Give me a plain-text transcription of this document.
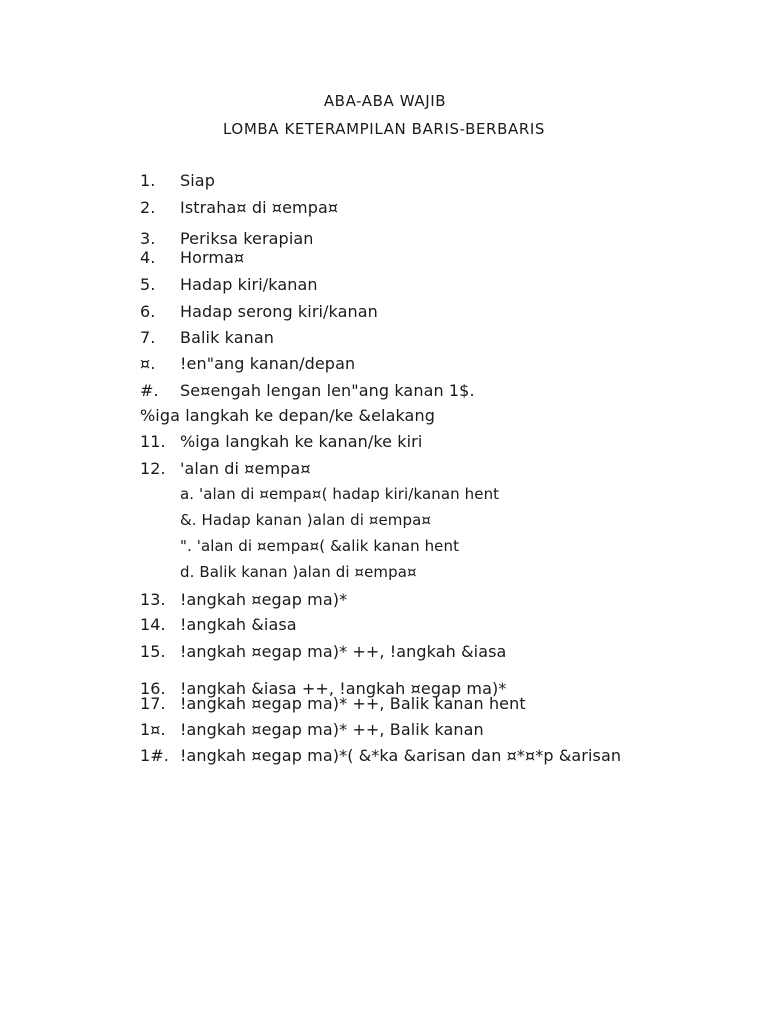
ABA-ABA WAJIB
LOMBA KETERAMPILAN BARIS-BERBARIS
1. Siap
2. Istraha¤ di ¤empa¤
3. Periksa kerapian
4. Horma¤
5. Hadap kiri/kanan
6. Hadap serong kiri/kanan
7. Balik kanan
¤. !en"ang kanan/depan
#. Se¤engah lengan len"ang kanan 1$.
%iga langkah ke depan/ke &elakang
11. %iga langkah ke kanan/ke kiri
12. 'alan di ¤empa¤
a. 'alan di ¤empa¤( hadap kiri/kanan hent
&. Hadap kanan )alan di ¤empa¤
". 'alan di ¤empa¤( &alik kanan hent
d. Balik kanan )alan di ¤empa¤
13. !angkah ¤egap ma)*
14. !angkah &iasa
15. !angkah ¤egap ma)* ++, !angkah &iasa
16. !angkah &iasa ++, !angkah ¤egap ma)*
17. !angkah ¤egap ma)* ++, Balik kanan hent
1¤. !angkah ¤egap ma)* ++, Balik kanan
1#. !angkah ¤egap ma)*( &*ka &arisan dan ¤*¤*p &arisan
